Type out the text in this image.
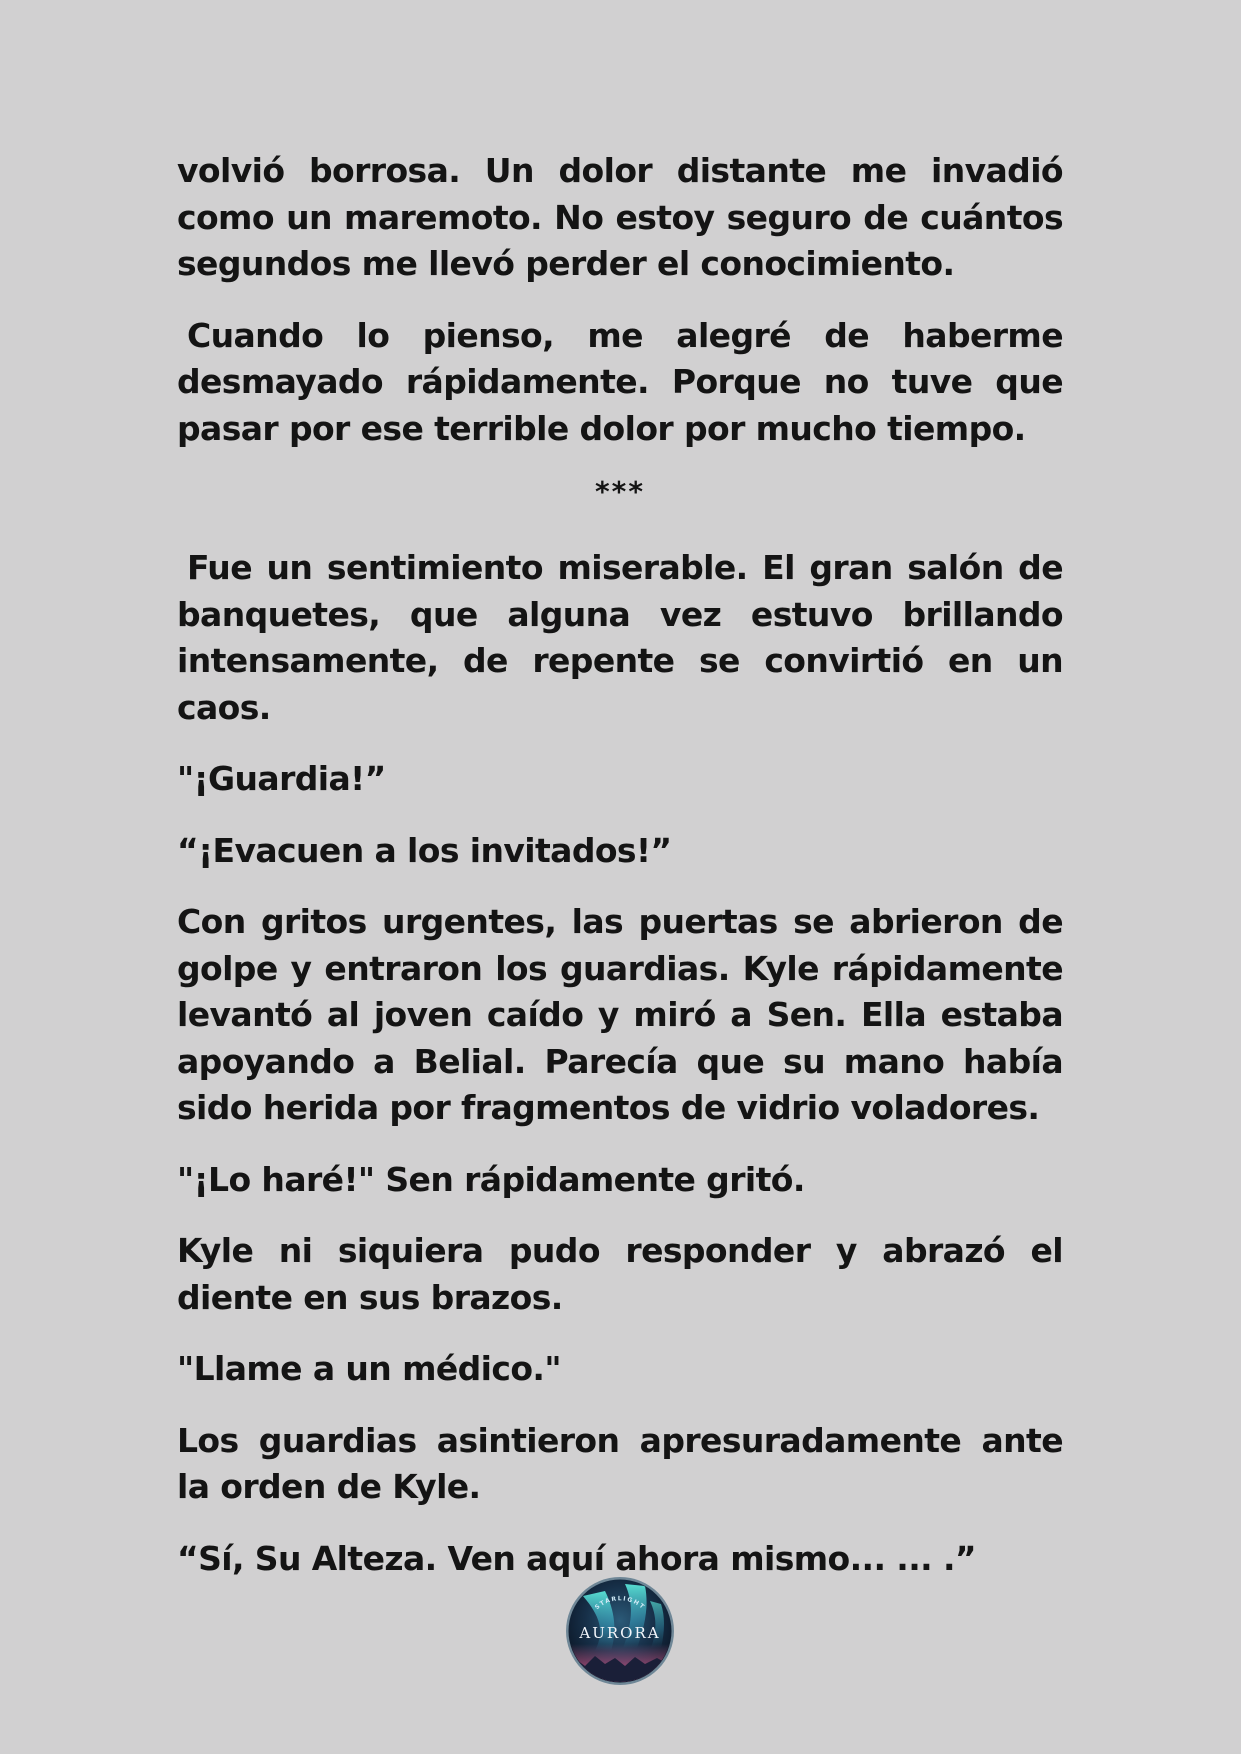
volvió borrosa. Un dolor distante me invadió como un maremoto. No estoy seguro de cuántos segundos me llevó perder el conocimiento.

Cuando lo pienso, me alegré de haberme desmayado rápidamente. Porque no tuve que pasar por ese terrible dolor por mucho tiempo.

***

Fue un sentimiento miserable. El gran salón de banquetes, que alguna vez estuvo brillando intensamente, de repente se convirtió en un caos.

"¡Guardia!”

“¡Evacuen a los invitados!”

Con gritos urgentes, las puertas se abrieron de golpe y entraron los guardias. Kyle rápidamente levantó al joven caído y miró a Sen. Ella estaba apoyando a Belial. Parecía que su mano había sido herida por fragmentos de vidrio voladores.

"¡Lo haré!" Sen rápidamente gritó.

Kyle ni siquiera pudo responder y abrazó el diente en sus brazos.

"Llame a un médico."

Los guardias asintieron apresuradamente ante la orden de Kyle.

“Sí, Su Alteza. Ven aquí ahora mismo... ... .”

STARLIGHT
AURORA
